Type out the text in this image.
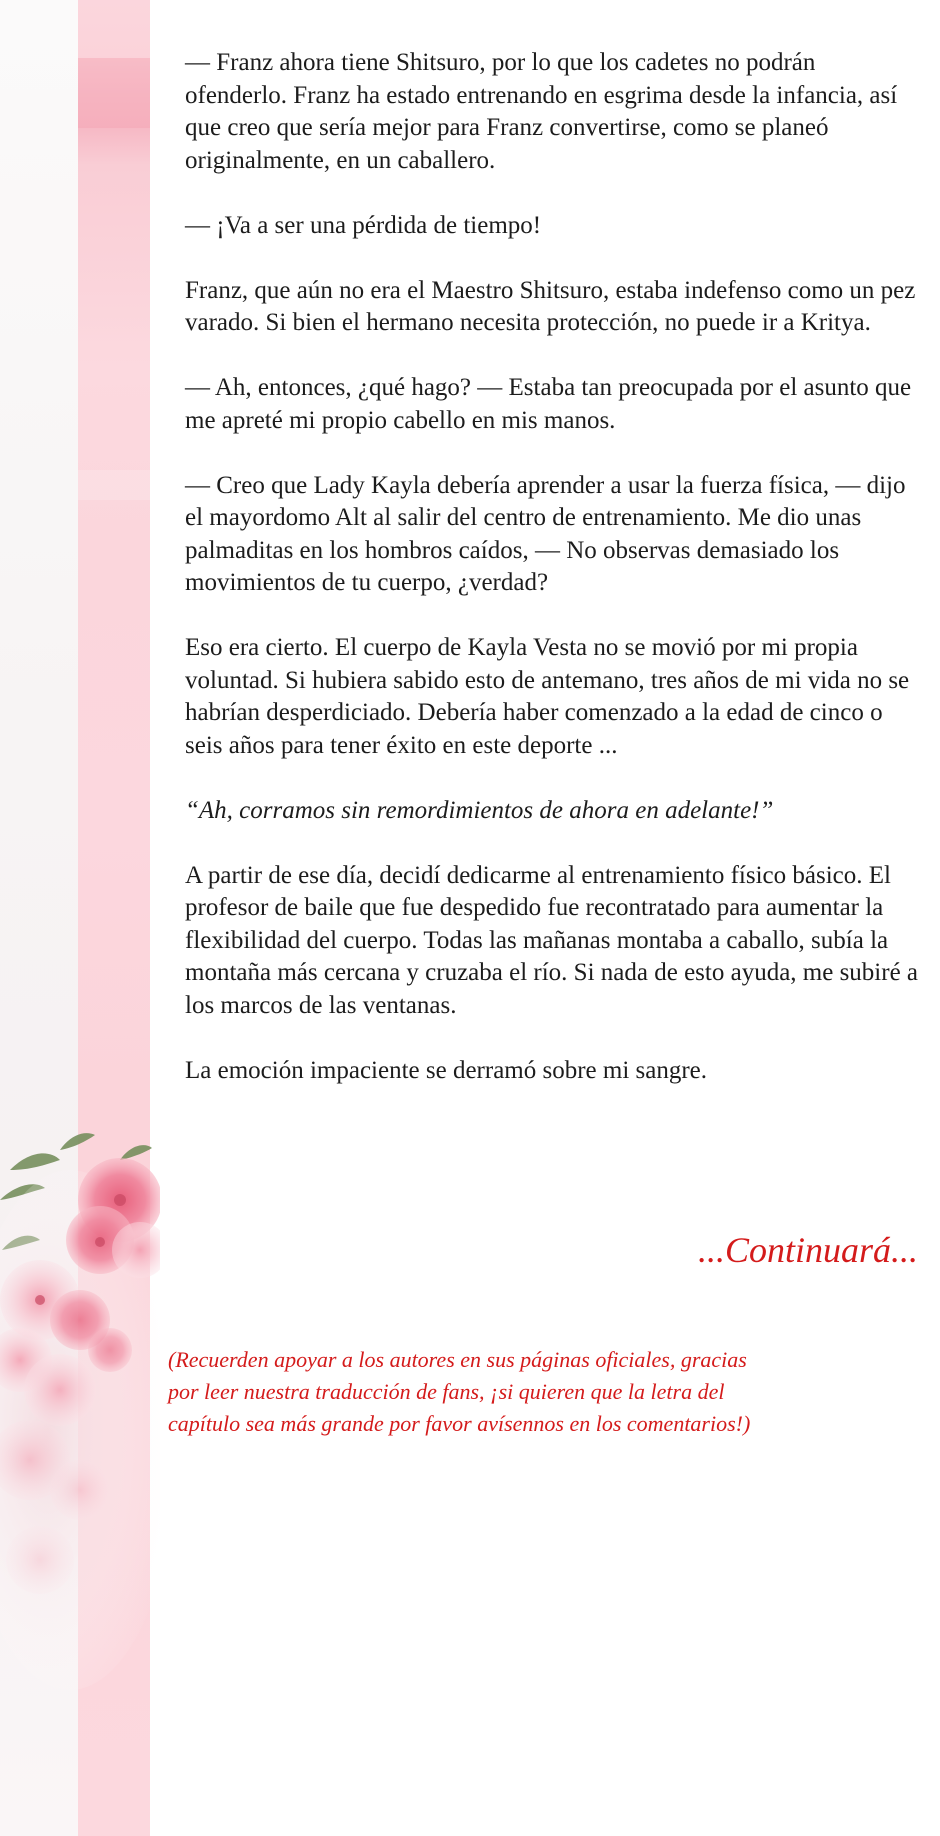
— Franz ahora tiene Shitsuro, por lo que los cadetes no podrán ofenderlo. Franz ha estado entrenando en esgrima desde la infancia, así que creo que sería mejor para Franz convertirse, como se planeó originalmente, en un caballero.

— ¡Va a ser una pérdida de tiempo!

Franz, que aún no era el Maestro Shitsuro, estaba indefenso como un pez varado. Si bien el hermano necesita protección, no puede ir a Kritya.

— Ah, entonces, ¿qué hago? — Estaba tan preocupada por el asunto que me apreté mi propio cabello en mis manos.

— Creo que Lady Kayla debería aprender a usar la fuerza física, — dijo el mayordomo Alt al salir del centro de entrenamiento. Me dio unas palmaditas en los hombros caídos, — No observas demasiado los movimientos de tu cuerpo, ¿verdad?

Eso era cierto. El cuerpo de Kayla Vesta no se movió por mi propia voluntad. Si hubiera sabido esto de antemano, tres años de mi vida no se habrían desperdiciado. Debería haber comenzado a la edad de cinco o seis años para tener éxito en este deporte ...

“Ah, corramos sin remordimientos de ahora en adelante!”

A partir de ese día, decidí dedicarme al entrenamiento físico básico. El profesor de baile que fue despedido fue recontratado para aumentar la flexibilidad del cuerpo. Todas las mañanas montaba a caballo, subía la montaña más cercana y cruzaba el río. Si nada de esto ayuda, me subiré a los marcos de las ventanas.

La emoción impaciente se derramó sobre mi sangre.

...Continuará...
(Recuerden apoyar a los autores en sus páginas oficiales, gracias por leer nuestra traducción de fans, ¡si quieren que la letra del capítulo sea más grande por favor avísennos en los comentarios!)
